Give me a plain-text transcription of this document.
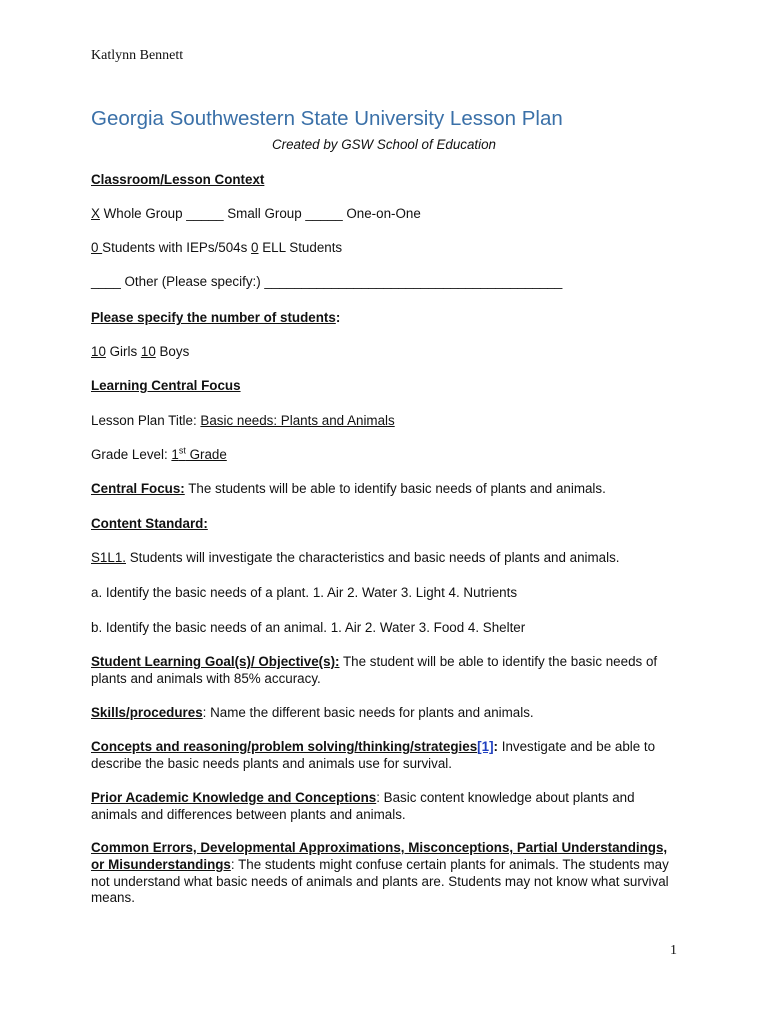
Katlynn Bennett
Georgia Southwestern State University Lesson Plan
Created by GSW School of Education
Classroom/Lesson Context
X Whole Group _____ Small Group _____ One-on-One
0 Students with IEPs/504s 0 ELL Students
____ Other (Please specify:) ________________________________________
Please specify the number of students:
10 Girls 10 Boys
Learning Central Focus
Lesson Plan Title: Basic needs: Plants and Animals
Grade Level: 1st Grade
Central Focus: The students will be able to identify basic needs of plants and animals.
Content Standard:
S1L1. Students will investigate the characteristics and basic needs of plants and animals.
a. Identify the basic needs of a plant. 1. Air 2. Water 3. Light 4. Nutrients
b. Identify the basic needs of an animal. 1. Air 2. Water 3. Food 4. Shelter
Student Learning Goal(s)/ Objective(s): The student will be able to identify the basic needs of plants and animals with 85% accuracy.
Skills/procedures: Name the different basic needs for plants and animals.
Concepts and reasoning/problem solving/thinking/strategies[1]: Investigate and be able to describe the basic needs plants and animals use for survival.
Prior Academic Knowledge and Conceptions: Basic content knowledge about plants and animals and differences between plants and animals.
Common Errors, Developmental Approximations, Misconceptions, Partial Understandings, or Misunderstandings: The students might confuse certain plants for animals. The students may not understand what basic needs of animals and plants are. Students may not know what survival means.
1
